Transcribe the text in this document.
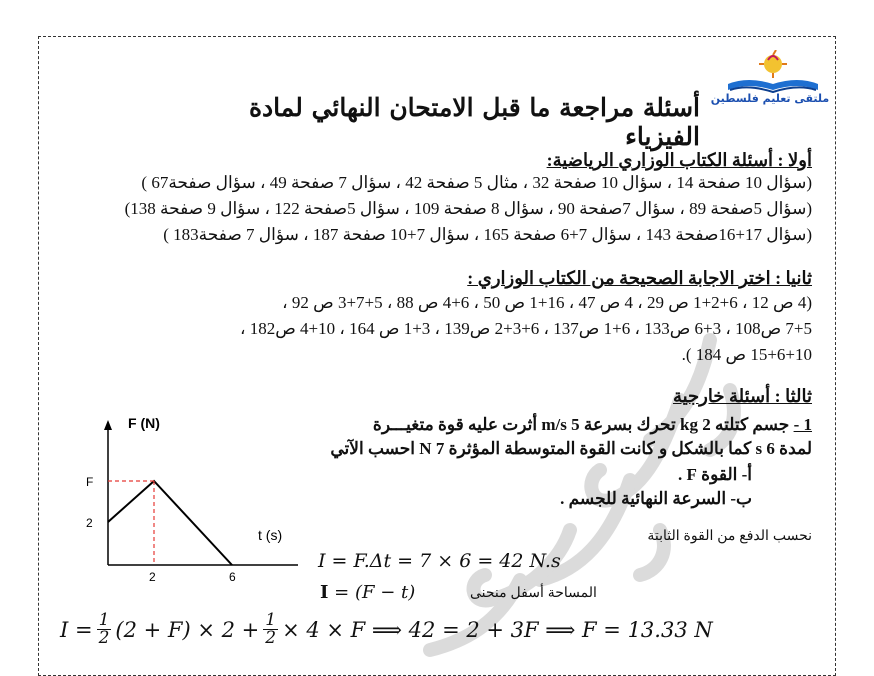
ملتقى تعليم فلسطين
أسئلة مراجعة ما قبل الامتحان النهائي لمادة الفيزياء
أولا : أسئلة الكتاب الوزاري الرياضية:
(سؤال 10 صفحة 14 ، سؤال 10 صفحة 32 ، مثال 5 صفحة 42 ، سؤال 7 صفحة 49 ، سؤال صفحة67 )
(سؤال 5صفحة 89 ، سؤال 7صفحة 90 ، سؤال 8 صفحة 109 ، سؤال 5صفحة 122 ، سؤال 9 صفحة 138)
(سؤال 17+16صفحة 143 ، سؤال 7+6 صفحة 165 ، سؤال 7+10 صفحة 187 ، سؤال 7 صفحة183 )
ثانيا : اختر الاجابة الصحيحة من الكتاب الوزاري :
(4 ص 12 ، 6+2+1 ص 29 ، 4 ص 47 ، 16+1 ص 50 ، 6+4 ص 88 ، 5+7+3 ص 92 ،
7+5 ص108 ، 3+6 ص133 ، 6+1 ص137 ، 6+3+2 ص139 ، 3+1 ص 164 ، 10+4 ص182 ،
15+6+10 ص 184 ).
ثالثا : أسئلة خارجية
1 - جسم كتلته 2 kg تحرك بسرعة 5 m/s أثرت عليه قوة متغيـــرة
لمدة 6 s كما بالشكل و كانت القوة المتوسطة المؤثرة 7 N احسب الآتي
أ- القوة F .
ب- السرعة النهائية للجسم .
نحسب الدفع من القوة الثابتة
I = F.Δt = 7 × 6 = 42 N.s
I = (F − t)	المساحة أسفل منحنى
$I = \frac{1}{2} (2 + F) \times 2 + \frac{1}{2} \times 4 \times F$ ⟹ 42 = 2 + 3F ⟹ F = 13.33 N
F (N)
t (s)
F
2
2	6
